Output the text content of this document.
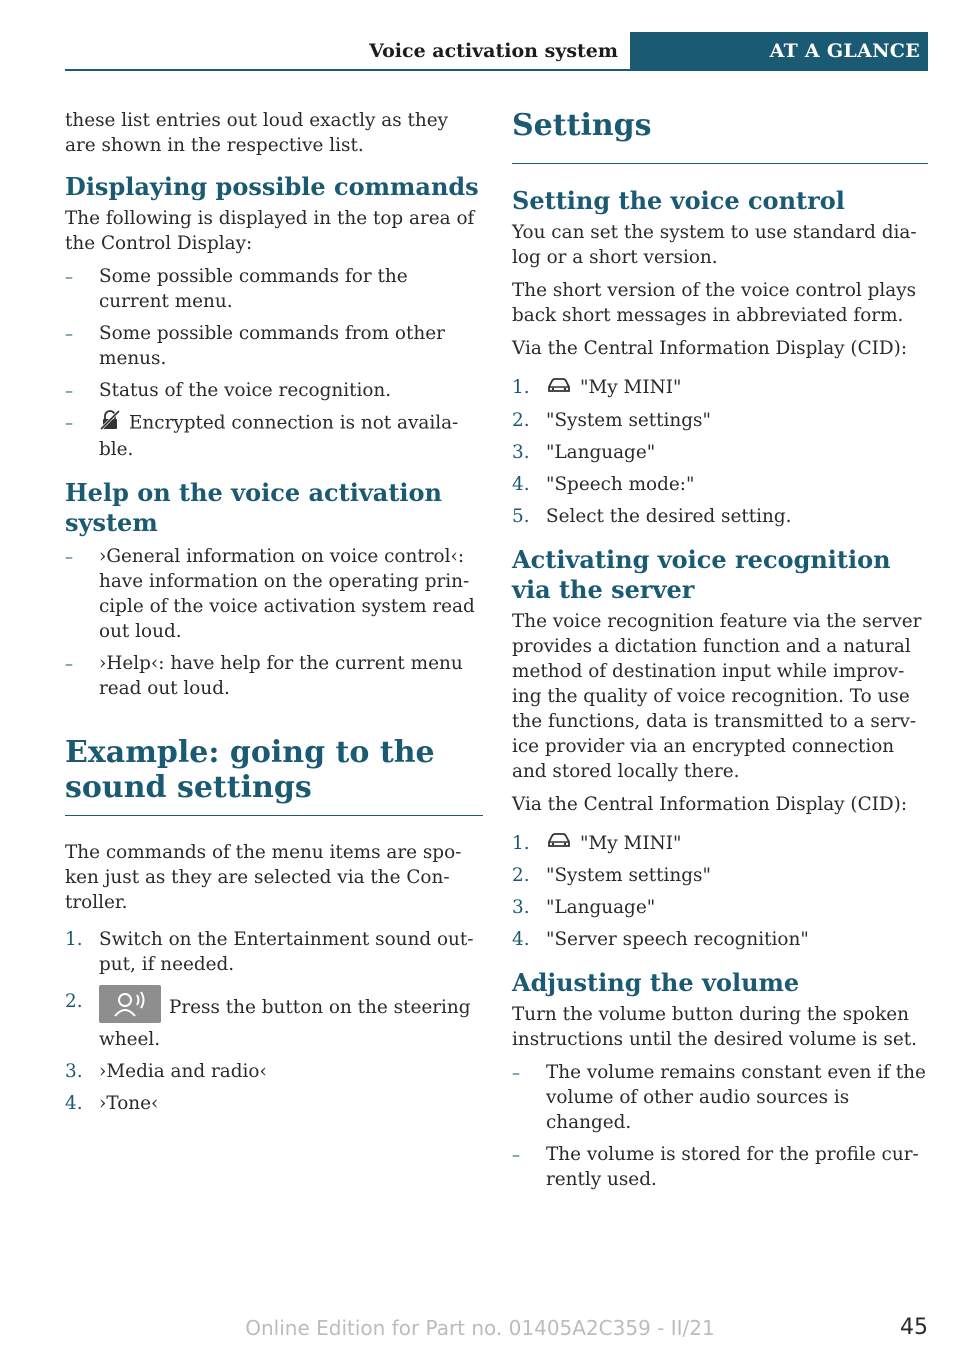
Voice activation system	AT A GLANCE

these list entries out loud exactly as they are shown in the respective list.

Displaying possible commands

The following is displayed in the top area of the Control Display:

– Some possible commands for the current menu.
– Some possible commands from other menus.
– Status of the voice recognition.
–	Encrypted connection is not availa-ble.
Help on the voice activation system
– ›General information on voice control‹: have information on the operating prin-ciple of the voice activation system read out loud.
– ›Help‹: have help for the current menu read out loud.
Example: going to the sound settings

The commands of the menu items are spo-ken just as they are selected via the Con-troller.

1. Switch on the Entertainment sound out-put, if needed.
2.	Press the button on the steering wheel.
3. ›Media and radio‹
4. ›Tone‹
Settings
Setting the voice control

You can set the system to use standard dia-log or a short version.

The short version of the voice control plays back short messages in abbreviated form.

Via the Central Information Display (CID):

1.	"My MINI"
2. "System settings"
3. "Language"
4. "Speech mode:"
5. Select the desired setting.
Activating voice recognition via the server

The voice recognition feature via the server provides a dictation function and a natural method of destination input while improv-ing the quality of voice recognition. To use the functions, data is transmitted to a serv-ice provider via an encrypted connection and stored locally there.

Via the Central Information Display (CID):

1.	"My MINI"
2. "System settings"
3. "Language"
4. "Server speech recognition"
Adjusting the volume

Turn the volume button during the spoken instructions until the desired volume is set.

– The volume remains constant even if the volume of other audio sources is changed.
– The volume is stored for the profile cur-rently used.
Online Edition for Part no. 01405A2C359 - II/21	45
